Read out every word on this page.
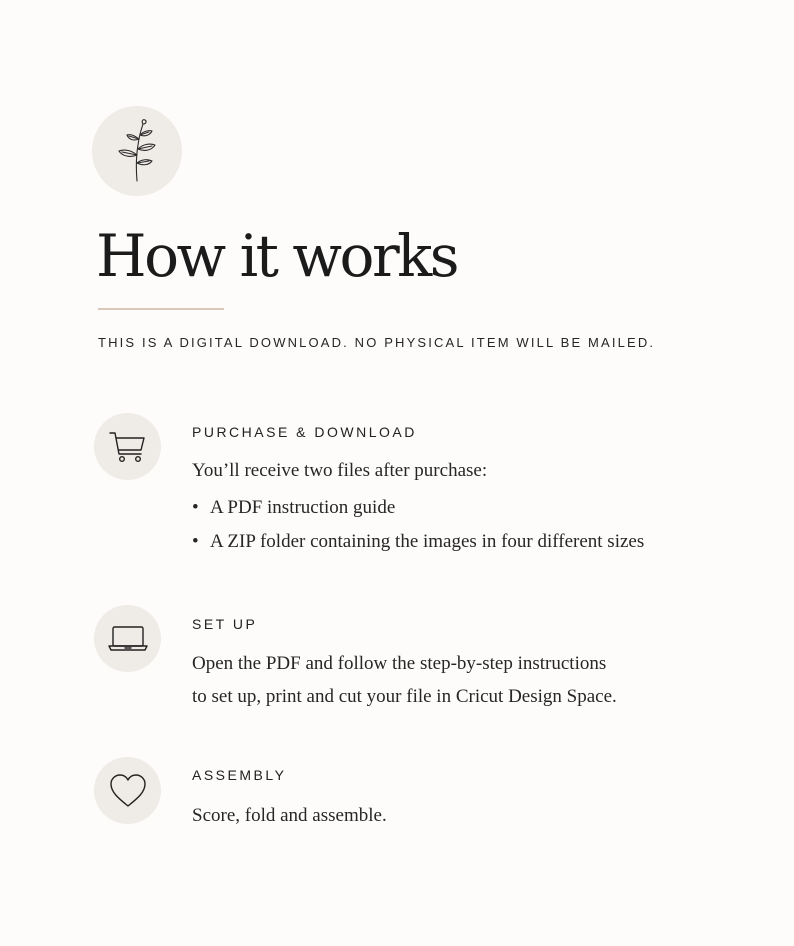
How it works
THIS IS A DIGITAL DOWNLOAD. NO PHYSICAL ITEM WILL BE MAILED.
PURCHASE & DOWNLOAD

You’ll receive two files after purchase:

• A PDF instruction guide
• A ZIP folder containing the images in four different sizes
SET UP

Open the PDF and follow the step-by-step instructions

to set up, print and cut your file in Cricut Design Space.

ASSEMBLY

Score, fold and assemble.
